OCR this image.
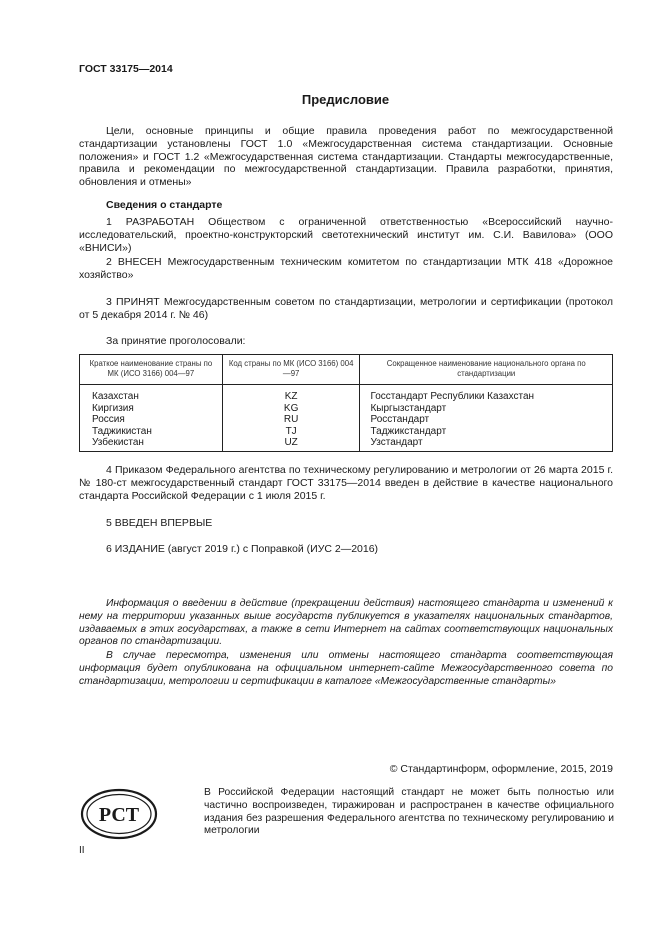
ГОСТ 33175—2014
Предисловие
Цели, основные принципы и общие правила проведения работ по межгосударственной стандартизации установлены ГОСТ 1.0 «Межгосударственная система стандартизации. Основные положения» и ГОСТ 1.2 «Межгосударственная система стандартизации. Стандарты межгосударственные, правила и рекомендации по межгосударственной стандартизации. Правила разработки, принятия, обновления и отмены»
Сведения о стандарте
1 РАЗРАБОТАН Обществом с ограниченной ответственностью «Всероссийский научно-исследовательский, проектно-конструкторский светотехнический институт им. С.И. Вавилова» (ООО «ВНИСИ»)
2 ВНЕСЕН Межгосударственным техническим комитетом по стандартизации МТК 418 «Дорожное хозяйство»
3 ПРИНЯТ Межгосударственным советом по стандартизации, метрологии и сертификации (протокол от 5 декабря 2014 г. № 46)
За принятие проголосовали:
Краткое наименование страны по МК (ИСО 3166) 004—97	Код страны по МК (ИСО 3166) 004—97	Сокращенное наименование национального органа по стандартизации
Казахстан	KZ	Госстандарт Республики Казахстан
Киргизия	KG	Кыргызстандарт
Россия	RU	Росстандарт
Таджикистан	TJ	Таджикстандарт
Узбекистан	UZ	Узстандарт
4 Приказом Федерального агентства по техническому регулированию и метрологии от 26 марта 2015 г. № 180-ст межгосударственный стандарт ГОСТ 33175—2014 введен в действие в качестве национального стандарта Российской Федерации с 1 июля 2015 г.
5 ВВЕДЕН ВПЕРВЫЕ
6 ИЗДАНИЕ (август 2019 г.) с Поправкой (ИУС 2—2016)
Информация о введении в действие (прекращении действия) настоящего стандарта и изменений к нему на территории указанных выше государств публикуется в указателях национальных стандартов, издаваемых в этих государствах, а также в сети Интернет на сайтах соответствующих национальных органов по стандартизации.
В случае пересмотра, изменения или отмены настоящего стандарта соответствующая информация будет опубликована на официальном интернет-сайте Межгосударственного совета по стандартизации, метрологии и сертификации в каталоге «Межгосударственные стандарты»
© Стандартинформ, оформление, 2015, 2019
РСТ
В Российской Федерации настоящий стандарт не может быть полностью или частично воспроизведен, тиражирован и распространен в качестве официального издания без разрешения Федерального агентства по техническому регулированию и метрологии
II
